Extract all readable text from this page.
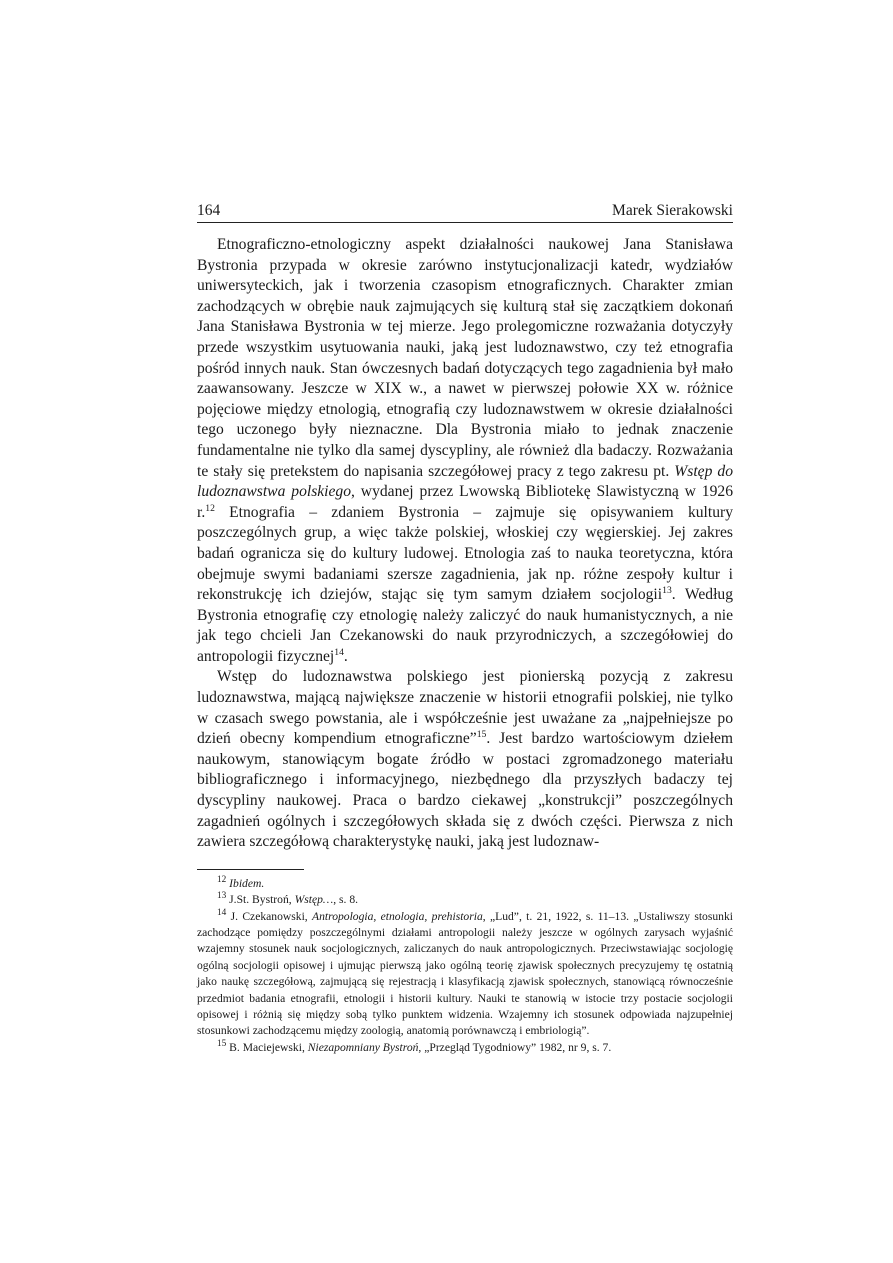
164	Marek Sierakowski

Etnograficzno-etnologiczny aspekt działalności naukowej Jana Stanisława Bystronia przypada w okresie zarówno instytucjonalizacji katedr, wydziałów uniwersyteckich, jak i tworzenia czasopism etnograficznych. Charakter zmian zachodzących w obrębie nauk zajmujących się kulturą stał się zaczątkiem dokonań Jana Stanisława Bystronia w tej mierze. Jego prolegomiczne rozważania dotyczyły przede wszystkim usytuowania nauki, jaką jest ludoznawstwo, czy też etnografia pośród innych nauk. Stan ówczesnych badań dotyczących tego zagadnienia był mało zaawansowany. Jeszcze w XIX w., a nawet w pierwszej połowie XX w. różnice pojęciowe między etnologią, etnografią czy ludoznawstwem w okresie działalności tego uczonego były nieznaczne. Dla Bystronia miało to jednak znaczenie fundamentalne nie tylko dla samej dyscypliny, ale również dla badaczy. Rozważania te stały się pretekstem do napisania szczegółowej pracy z tego zakresu pt. Wstęp do ludoznawstwa polskiego, wydanej przez Lwowską Bibliotekę Slawistyczną w 1926 r.$^{12}$ Etnografia – zdaniem Bystronia – zajmuje się opisywaniem kultury poszczególnych grup, a więc także polskiej, włoskiej czy węgierskiej. Jej zakres badań ogranicza się do kultury ludowej. Etnologia zaś to nauka teoretyczna, która obejmuje swymi badaniami szersze zagadnienia, jak np. różne zespoły kultur i rekonstrukcję ich dziejów, stając się tym samym działem socjologii$^{13}$. Według Bystronia etnografię czy etnologię należy zaliczyć do nauk humanistycznych, a nie jak tego chcieli Jan Czekanowski do nauk przyrodniczych, a szczegółowiej do antropologii fizycznej$^{14}$.

Wstęp do ludoznawstwa polskiego jest pionierską pozycją z zakresu ludoznawstwa, mającą największe znaczenie w historii etnografii polskiej, nie tylko w czasach swego powstania, ale i współcześnie jest uważane za „najpełniejsze po dzień obecny kompendium etnograficzne”$^{15}$. Jest bardzo wartościowym dziełem naukowym, stanowiącym bogate źródło w postaci zgromadzonego materiału bibliograficznego i informacyjnego, niezbędnego dla przyszłych badaczy tej dyscypliny naukowej. Praca o bardzo ciekawej „konstrukcji” poszczególnych zagadnień ogólnych i szczegółowych składa się z dwóch części. Pierwsza z nich zawiera szczegółową charakterystykę nauki, jaką jest ludoznaw-

$^{12}$ Ibidem.

$^{13}$ J.St. Bystroń, Wstęp…, s. 8.

$^{14}$ J. Czekanowski, Antropologia, etnologia, prehistoria, „Lud”, t. 21, 1922, s. 11–13. „Ustaliwszy stosunki zachodzące pomiędzy poszczególnymi działami antropologii należy jeszcze w ogólnych zarysach wyjaśnić wzajemny stosunek nauk socjologicznych, zaliczanych do nauk antropologicznych. Przeciwstawiając socjologię ogólną socjologii opisowej i ujmując pierwszą jako ogólną teorię zjawisk społecznych precyzujemy tę ostatnią jako naukę szczegółową, zajmującą się rejestracją i klasyfikacją zjawisk społecznych, stanowiącą równocześnie przedmiot badania etnografii, etnologii i historii kultury. Nauki te stanowią w istocie trzy postacie socjologii opisowej i różnią się między sobą tylko punktem widzenia. Wzajemny ich stosunek odpowiada najzupełniej stosunkowi zachodzącemu między zoologią, anatomią porównawczą i embriologią”.

$^{15}$ B. Maciejewski, Niezapomniany Bystroń, „Przegląd Tygodniowy” 1982, nr 9, s. 7.
